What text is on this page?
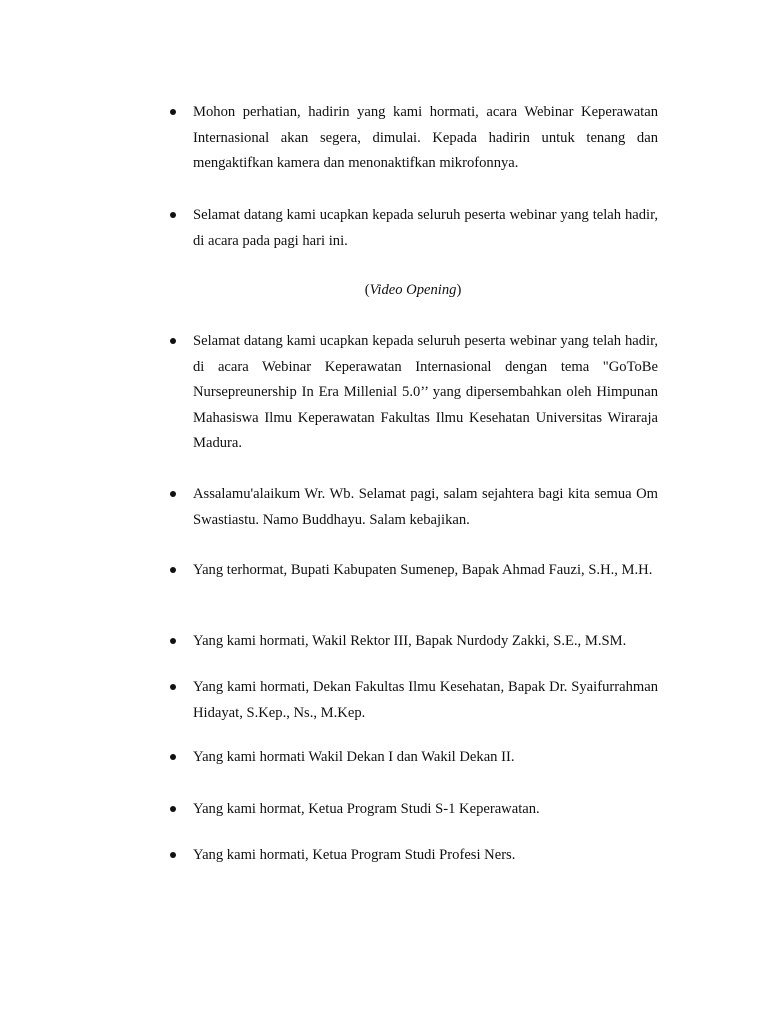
Mohon perhatian, hadirin yang kami hormati, acara Webinar Keperawatan Internasional akan segera, dimulai. Kepada hadirin untuk tenang dan mengaktifkan kamera dan menonaktifkan mikrofonnya.
Selamat datang kami ucapkan kepada seluruh peserta webinar yang telah hadir, di acara pada pagi hari ini.
(Video Opening)
Selamat datang kami ucapkan kepada seluruh peserta webinar yang telah hadir, di acara Webinar Keperawatan Internasional dengan tema "GoToBe Nursepreunership In Era Millenial 5.0’’ yang dipersembahkan oleh Himpunan Mahasiswa Ilmu Keperawatan Fakultas Ilmu Kesehatan Universitas Wiraraja Madura.
Assalamu'alaikum Wr. Wb. Selamat pagi, salam sejahtera bagi kita semua Om Swastiastu. Namo Buddhayu. Salam kebajikan.
Yang terhormat, Bupati Kabupaten Sumenep, Bapak Ahmad Fauzi, S.H., M.H.
Yang kami hormati, Wakil Rektor III, Bapak Nurdody Zakki, S.E., M.SM.
Yang kami hormati, Dekan Fakultas Ilmu Kesehatan, Bapak Dr. Syaifurrahman Hidayat, S.Kep., Ns., M.Kep.
Yang kami hormati Wakil Dekan I dan Wakil Dekan II.
Yang kami hormat, Ketua Program Studi S-1 Keperawatan.
Yang kami hormati, Ketua Program Studi Profesi Ners.
